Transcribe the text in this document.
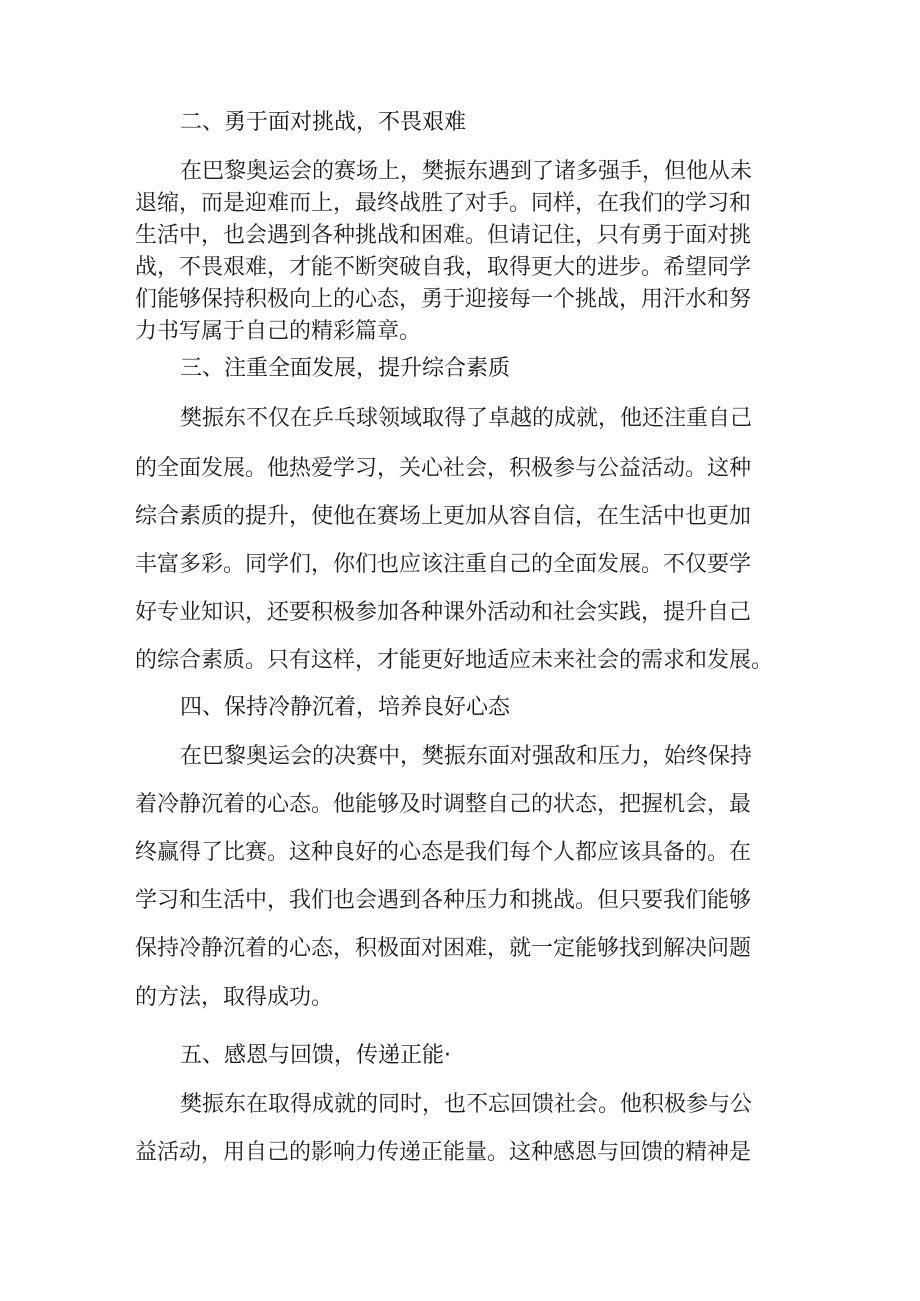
二、勇于面对挑战，不畏艰难
在巴黎奥运会的赛场上，樊振东遇到了诸多强手，但他从未
退缩，而是迎难而上，最终战胜了对手。同样，在我们的学习和
生活中，也会遇到各种挑战和困难。但请记住，只有勇于面对挑
战，不畏艰难，才能不断突破自我，取得更大的进步。希望同学
们能够保持积极向上的心态，勇于迎接每一个挑战，用汗水和努
力书写属于自己的精彩篇章。
三、注重全面发展，提升综合素质
樊振东不仅在乒乓球领域取得了卓越的成就，他还注重自己
的全面发展。他热爱学习，关心社会，积极参与公益活动。这种
综合素质的提升，使他在赛场上更加从容自信，在生活中也更加
丰富多彩。同学们，你们也应该注重自己的全面发展。不仅要学
好专业知识，还要积极参加各种课外活动和社会实践，提升自己
的综合素质。只有这样，才能更好地适应未来社会的需求和发展。
四、保持冷静沉着，培养良好心态
在巴黎奥运会的决赛中，樊振东面对强敌和压力，始终保持
着冷静沉着的心态。他能够及时调整自己的状态，把握机会，最
终赢得了比赛。这种良好的心态是我们每个人都应该具备的。在
学习和生活中，我们也会遇到各种压力和挑战。但只要我们能够
保持冷静沉着的心态，积极面对困难，就一定能够找到解决问题
的方法，取得成功。
五、感恩与回馈，传递正能·
樊振东在取得成就的同时，也不忘回馈社会。他积极参与公
益活动，用自己的影响力传递正能量。这种感恩与回馈的精神是
